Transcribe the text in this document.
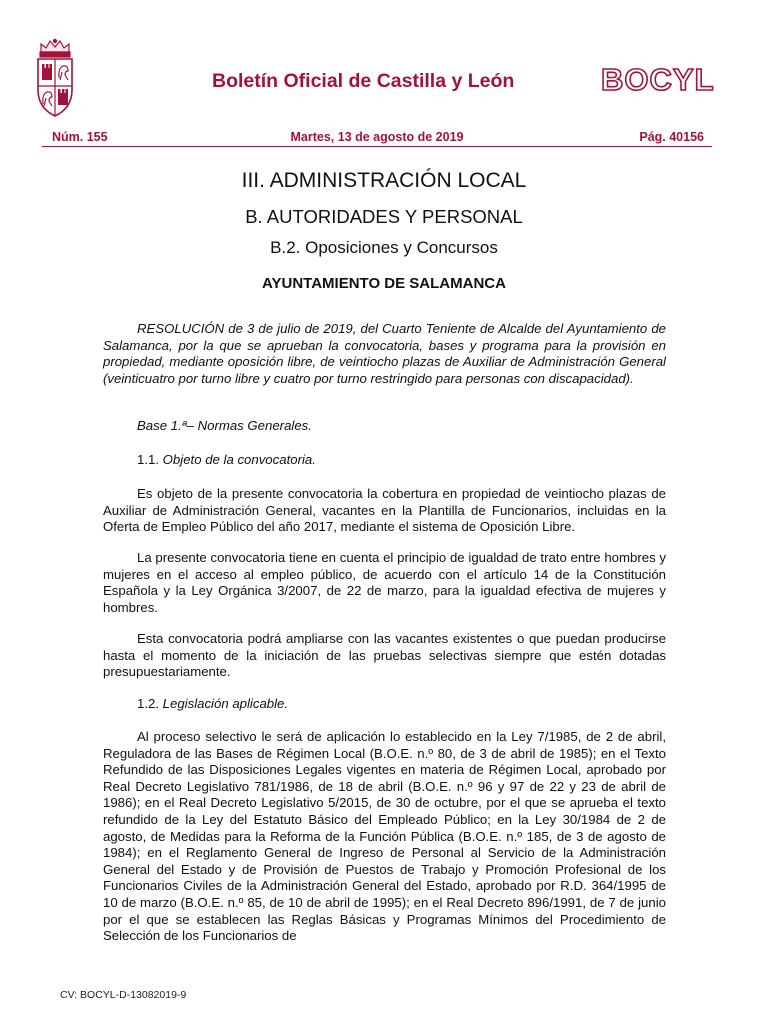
Boletín Oficial de Castilla y León	BOCYL
Núm. 155	Martes, 13 de agosto de 2019	Pág. 40156
III. ADMINISTRACIÓN LOCAL
B. AUTORIDADES Y PERSONAL
B.2. Oposiciones y Concursos
AYUNTAMIENTO DE SALAMANCA

RESOLUCIÓN de 3 de julio de 2019, del Cuarto Teniente de Alcalde del Ayuntamiento de Salamanca, por la que se aprueban la convocatoria, bases y programa para la provisión en propiedad, mediante oposición libre, de veintiocho plazas de Auxiliar de Administración General (veinticuatro por turno libre y cuatro por turno restringido para personas con discapacidad).

Base 1.ª– Normas Generales.

1.1. Objeto de la convocatoria.

Es objeto de la presente convocatoria la cobertura en propiedad de veintiocho plazas de Auxiliar de Administración General, vacantes en la Plantilla de Funcionarios, incluidas en la Oferta de Empleo Público del año 2017, mediante el sistema de Oposición Libre.

La presente convocatoria tiene en cuenta el principio de igualdad de trato entre hombres y mujeres en el acceso al empleo público, de acuerdo con el artículo 14 de la Constitución Española y la Ley Orgánica 3/2007, de 22 de marzo, para la igualdad efectiva de mujeres y hombres.

Esta convocatoria podrá ampliarse con las vacantes existentes o que puedan producirse hasta el momento de la iniciación de las pruebas selectivas siempre que estén dotadas presupuestariamente.

1.2. Legislación aplicable.

Al proceso selectivo le será de aplicación lo establecido en la Ley 7/1985, de 2 de abril, Reguladora de las Bases de Régimen Local (B.O.E. n.º 80, de 3 de abril de 1985); en el Texto Refundido de las Disposiciones Legales vigentes en materia de Régimen Local, aprobado por Real Decreto Legislativo 781/1986, de 18 de abril (B.O.E. n.º 96 y 97 de 22 y 23 de abril de 1986); en el Real Decreto Legislativo 5/2015, de 30 de octubre, por el que se aprueba el texto refundido de la Ley del Estatuto Básico del Empleado Público; en la Ley 30/1984 de 2 de agosto, de Medidas para la Reforma de la Función Pública (B.O.E. n.º 185, de 3 de agosto de 1984); en el Reglamento General de Ingreso de Personal al Servicio de la Administración General del Estado y de Provisión de Puestos de Trabajo y Promoción Profesional de los Funcionarios Civiles de la Administración General del Estado, aprobado por R.D. 364/1995 de 10 de marzo (B.O.E. n.º 85, de 10 de abril de 1995); en el Real Decreto 896/1991, de 7 de junio por el que se establecen las Reglas Básicas y Programas Mínimos del Procedimiento de Selección de los Funcionarios de

CV: BOCYL-D-13082019-9
